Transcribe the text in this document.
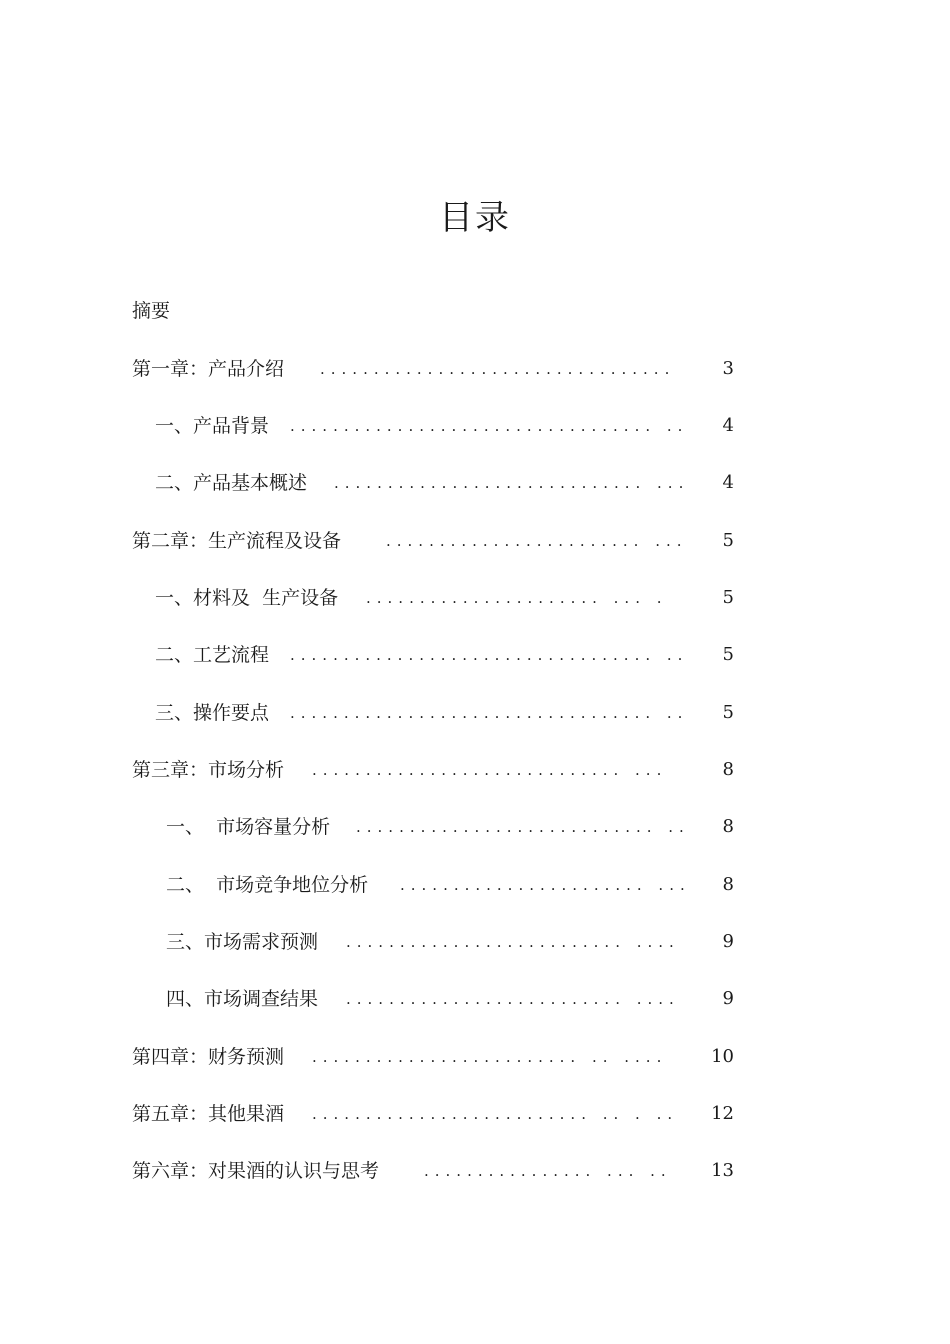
目录
摘要
第一章：产品介绍 .................................	3
一、产品背景 .................................. ..	4
二、产品基本概述 ............................. ...	4
第二章：生产流程及设备	........................ ...	5
一、材料及  生产设备 ...................... ... .	5
二、工艺流程 .................................. ..	5
三、操作要点 .................................. ..	5
第三章：市场分析 ............................. ...	8
一、  市场容量分析 ............................ ..	8
二、  市场竞争地位分析 ....................... ...	8
三、市场需求预测 .......................... ....	9
四、市场调查结果 .......................... ....	9
第四章：财务预测 ......................... .. ....	10
第五章：其他果酒 .......................... .. . ..	12
第六章：对果酒的认识与思考	................ ... ..	13
